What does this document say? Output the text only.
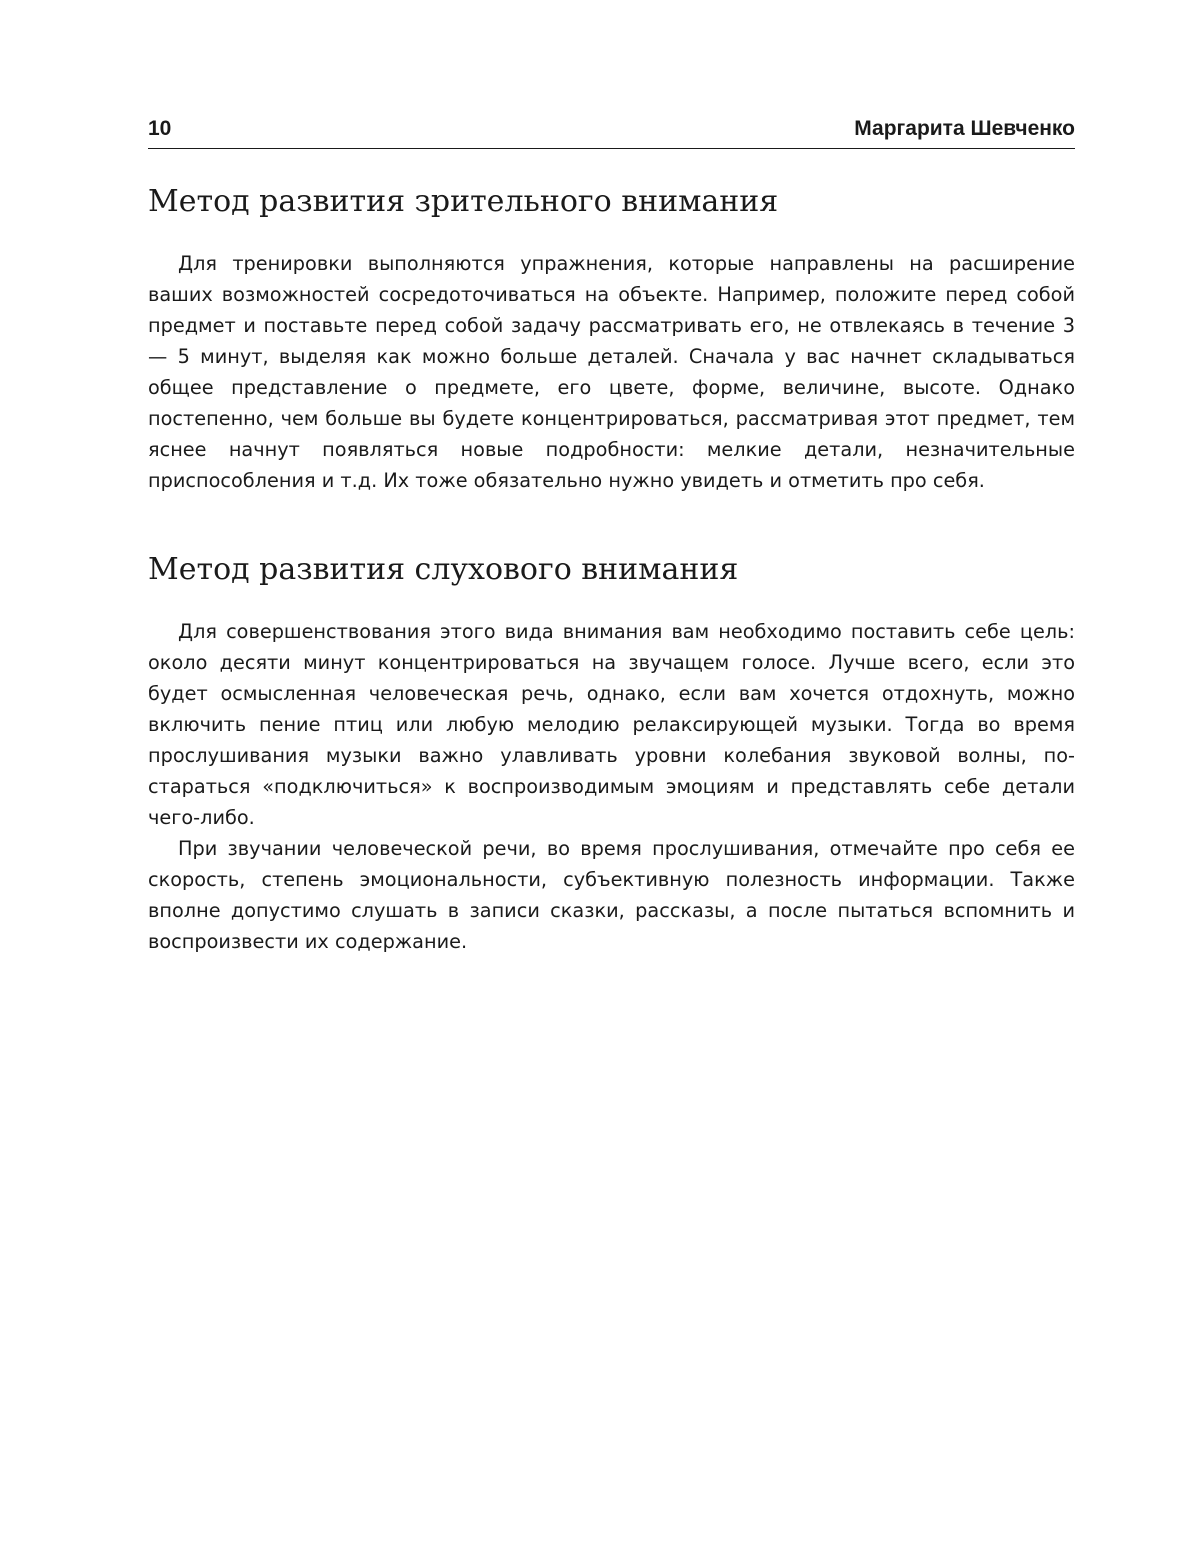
10	Маргарита Шевченко
Метод развития зрительного внимания

Для тренировки выполняются упражнения, которые направлены на расширение ваших возможностей сосредоточиваться на объекте. Например, положите перед собой предмет и поставьте перед собой задачу рассматривать его, не отвлекаясь в течение 3 — 5 минут, выделяя как можно больше деталей. Сначала у вас начнет складываться общее представление о предмете, его цвете, форме, величине, высоте. Однако постепенно, чем больше вы будете концентрироваться, рассматривая этот предмет, тем яснее начнут появляться новые подробности: мелкие детали, незначительные приспособления и т.д. Их тоже обязательно нужно увидеть и отметить про себя.

Метод развития слухового внимания

Для совершенствования этого вида внимания вам необходимо поставить себе цель: около десяти минут концентрироваться на звучащем голосе. Лучше всего, если это будет осмысленная человеческая речь, однако, если вам хочется отдохнуть, можно включить пение птиц или любую мелодию релаксирующей музыки. Тогда во время прослушивания музыки важно улавливать уровни колебания звуковой волны, постараться «подключиться» к воспроизводимым эмоциям и представлять себе детали чего-либо.

При звучании человеческой речи, во время прослушивания, отмечайте про себя ее скорость, степень эмоциональности, субъективную полезность информации. Также вполне допустимо слушать в записи сказки, рассказы, а после пытаться вспомнить и воспроизвести их содержание.
